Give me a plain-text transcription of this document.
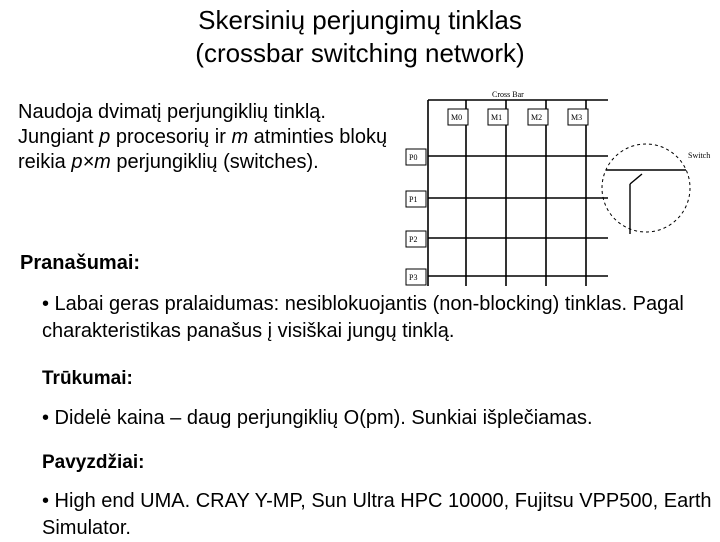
Skersinių perjungimų tinklas
(crossbar switching network)
Naudoja dvimatį perjungiklių tinklą. Jungiant p procesorių ir m atminties blokų reikia p×m perjungiklių (switches).
Cross Bar
M0	M1	M2	M3
P0
P1
P2
P3
Switch
Pranašumai:
• Labai geras pralaidumas: nesiblokuojantis (non-blocking) tinklas. Pagal charakteristikas panašus į visiškai jungų tinklą.
Trūkumai:
• Didelė kaina – daug perjungiklių O(pm). Sunkiai išplečiamas.
Pavyzdžiai:
• High end UMA. CRAY Y-MP, Sun Ultra HPC 10000, Fujitsu VPP500, Earth Simulator.
